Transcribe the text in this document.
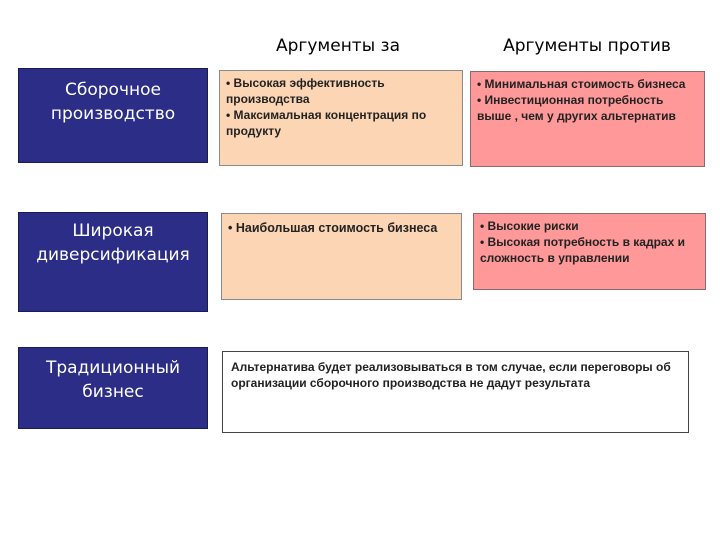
Аргументы за	Аргументы против
Сборочное
производство
• Высокая эффективность производства
• Максимальная концентрация по продукту
• Минимальная стоимость бизнеса
• Инвестиционная потребность выше , чем у других альтернатив
Широкая
диверсификация
• Наибольшая стоимость бизнеса	• Высокие риски
• Высокая потребность в кадрах и сложность в управлении
Традиционный
бизнес
Альтернатива будет реализовываться в том случае, если переговоры об организации сборочного производства не дадут результата
